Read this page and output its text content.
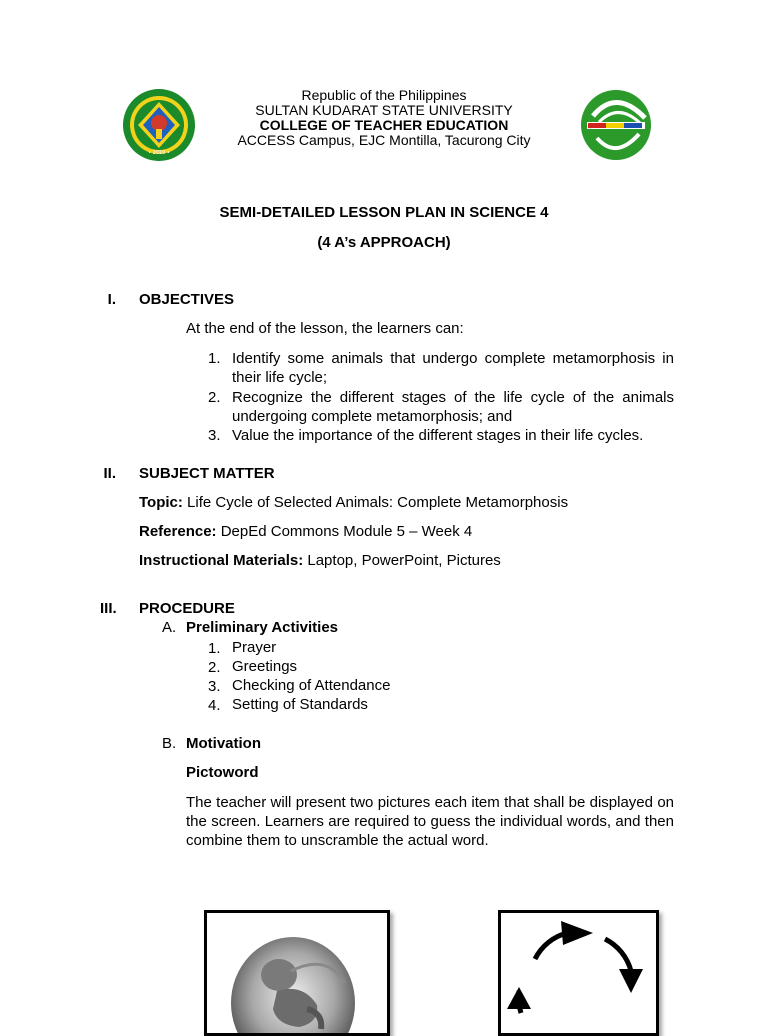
• 2010 •
Republic of the Philippines
SULTAN KUDARAT STATE UNIVERSITY
COLLEGE OF TEACHER EDUCATION
ACCESS Campus, EJC Montilla, Tacurong City
SEMI-DETAILED LESSON PLAN IN SCIENCE 4
(4 A’s APPROACH)
I. OBJECTIVES
At the end of the lesson, the learners can:
1. Identify some animals that undergo complete metamorphosis in their life cycle;
2. Recognize the different stages of the life cycle of the animals undergoing complete metamorphosis; and
3. Value the importance of the different stages in their life cycles.
II. SUBJECT MATTER
Topic: Life Cycle of Selected Animals: Complete Metamorphosis
Reference: DepEd Commons Module 5 – Week 4
Instructional Materials: Laptop, PowerPoint, Pictures
III. PROCEDURE
A. Preliminary Activities
1. Prayer
2. Greetings
3. Checking of Attendance
4. Setting of Standards
B. Motivation
Pictoword
The teacher will present two pictures each item that shall be displayed on the screen. Learners are required to guess the individual words, and then combine them to unscramble the actual word.
